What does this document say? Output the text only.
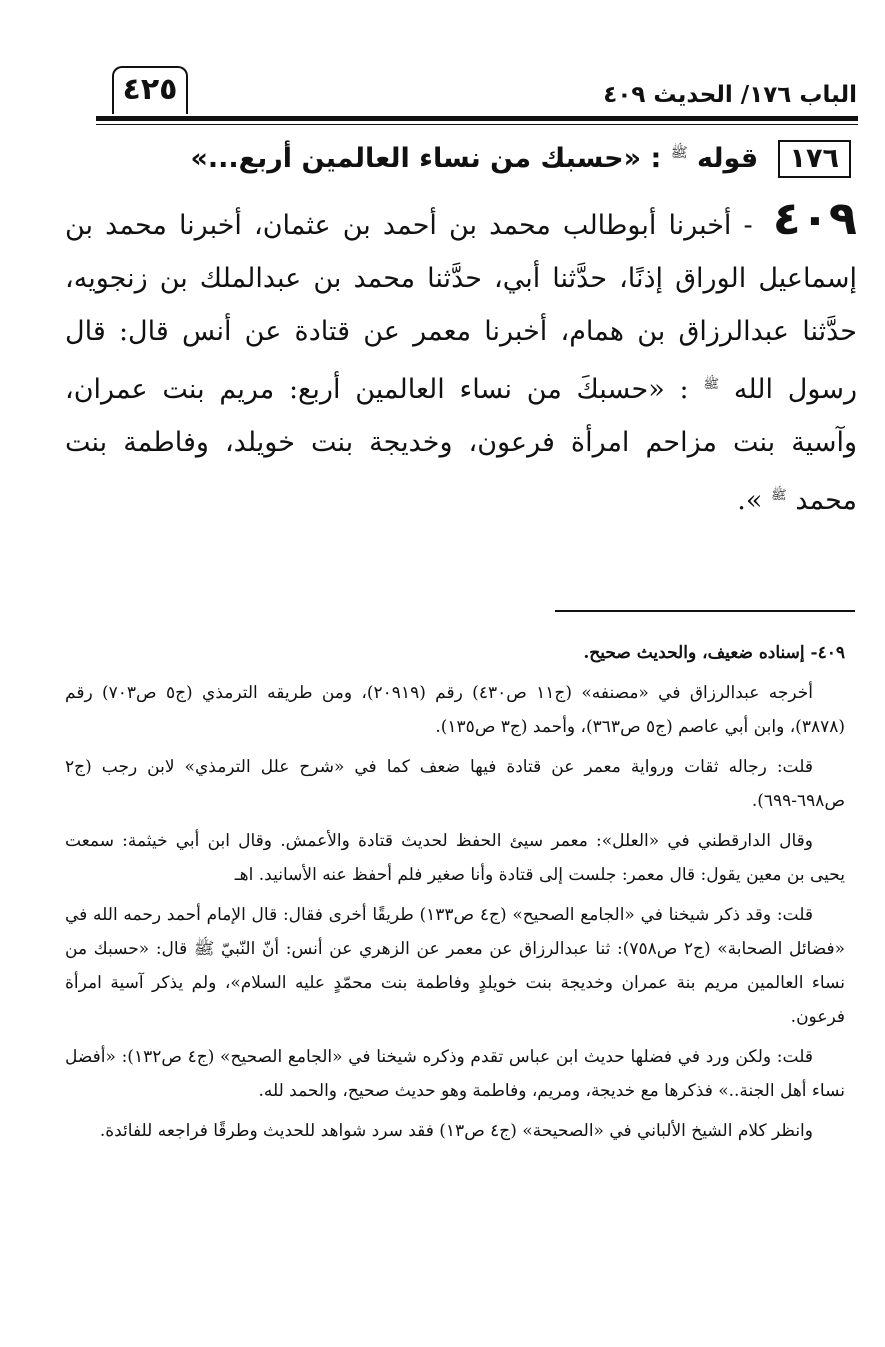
٤٢٥	الباب ١٧٦/ الحديث ٤٠٩
١٧٦ قوله $^ﷺ$ : «حسبك من نساء العالمين أربع...»
٤٠٩ - أخبرنا أبوطالب محمد بن أحمد بن عثمان، أخبرنا محمد بن إسماعيل الوراق إذنًا، حدَّثنا أبي، حدَّثنا محمد بن عبدالملك بن زنجويه، حدَّثنا عبدالرزاق بن همام، أخبرنا معمر عن قتادة عن أنس قال: قال رسول الله $^ﷺ$ : «حسبكَ من نساء العالمين أربع: مريم بنت عمران، وآسية بنت مزاحم امرأة فرعون، وخديجة بنت خويلد، وفاطمة بنت محمد $^ﷺ$ ».

٤٠٩- إسناده ضعيف، والحديث صحيح.

أخرجه عبدالرزاق في «مصنفه» (ج١١ ص٤٣٠) رقم (٢٠٩١٩)، ومن طريقه الترمذي (ج٥ ص٧٠٣) رقم (٣٨٧٨)، وابن أبي عاصم (ج٥ ص٣٦٣)، وأحمد (ج٣ ص١٣٥).

قلت: رجاله ثقات ورواية معمر عن قتادة فيها ضعف كما في «شرح علل الترمذي» لابن رجب (ج٢ ص٦٩٨-٦٩٩).

وقال الدارقطني في «العلل»: معمر سيئ الحفظ لحديث قتادة والأعمش. وقال ابن أبي خيثمة: سمعت يحيى بن معين يقول: قال معمر: جلست إلى قتادة وأنا صغير فلم أحفظ عنه الأسانيد. اهـ

قلت: وقد ذكر شيخنا في «الجامع الصحيح» (ج٤ ص١٣٣) طريقًا أخرى فقال: قال الإمام أحمد رحمه الله في «فضائل الصحابة» (ج٢ ص٧٥٨): ثنا عبدالرزاق عن معمر عن الزهري عن أنس: أنّ النّبيّ ﷺ قال: «حسبك من نساء العالمين مريم بنة عمران وخديجة بنت خويلدٍ وفاطمة بنت محمّدٍ عليه السلام»، ولم يذكر آسية امرأة فرعون.

قلت: ولكن ورد في فضلها حديث ابن عباس تقدم وذكره شيخنا في «الجامع الصحيح» (ج٤ ص١٣٢): «أفضل نساء أهل الجنة..» فذكرها مع خديجة، ومريم، وفاطمة وهو حديث صحيح، والحمد لله.

وانظر كلام الشيخ الألباني في «الصحيحة» (ج٤ ص١٣) فقد سرد شواهد للحديث وطرقًا فراجعه للفائدة.
